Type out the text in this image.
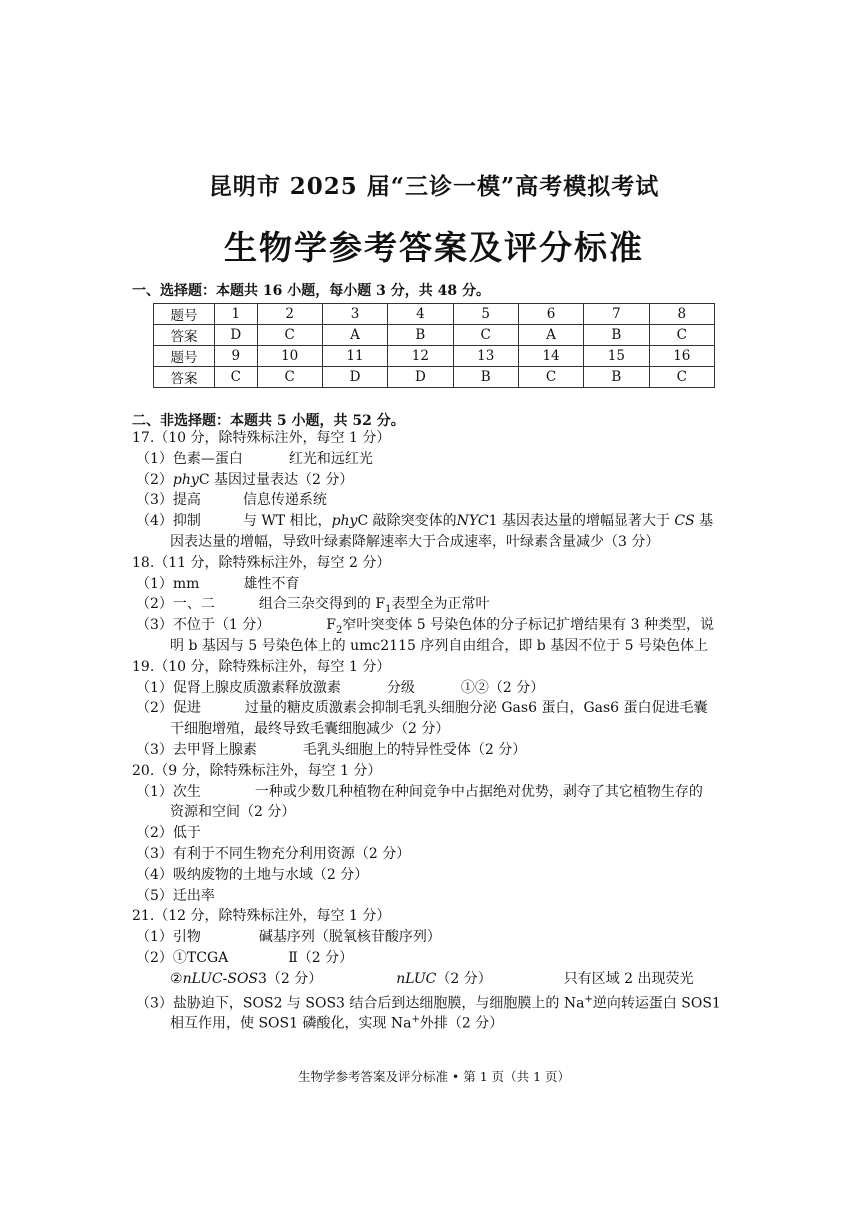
昆明市 2025 届“三诊一模”高考模拟考试
生物学参考答案及评分标准
一、选择题：本题共 16 小题，每小题 3 分，共 48 分。
题号	1	2	3	4	5	6	7	8
答案	D	C	A	B	C	A	B	C
题号	9	10	11	12	13	14	15	16
答案	C	C	D	D	B	C	B	C
二、非选择题：本题共 5 小题，共 52 分。
17.（10 分，除特殊标注外，每空 1 分）
（1）色素—蛋白	红光和远红光
（2）phyC 基因过量表达（2 分）
（3）提高	信息传递系统
（4）抑制	与 WT 相比，phyC 敲除突变体的NYC1 基因表达量的增幅显著大于 CS 基
因表达量的增幅，导致叶绿素降解速率大于合成速率，叶绿素含量减少（3 分）
18.（11 分，除特殊标注外，每空 2 分）
（1）mm	雄性不育
（2）一、二	组合三杂交得到的 $F_1$表型全为正常叶
（3）不位于（1 分）	$F_2$窄叶突变体 5 号染色体的分子标记扩增结果有 3 种类型，说
明 b 基因与 5 号染色体上的 umc2115 序列自由组合，即 b 基因不位于 5 号染色体上
19.（10 分，除特殊标注外，每空 1 分）
（1）促肾上腺皮质激素释放激素	分级	①②（2 分）
（2）促进	过量的糖皮质激素会抑制毛乳头细胞分泌 Gas6 蛋白，Gas6 蛋白促进毛囊
干细胞增殖，最终导致毛囊细胞减少（2 分）
（3）去甲肾上腺素	毛乳头细胞上的特异性受体（2 分）
20.（9 分，除特殊标注外，每空 1 分）
（1）次生	一种或少数几种植物在种间竞争中占据绝对优势，剥夺了其它植物生存的
资源和空间（2 分）
（2）低于
（3）有利于不同生物充分利用资源（2 分）
（4）吸纳废物的土地与水域（2 分）
（5）迁出率
21.（12 分，除特殊标注外，每空 1 分）
（1）引物	碱基序列（脱氧核苷酸序列）
（2）①TCGA	Ⅱ（2 分）
②nLUC-SOS3（2 分）	nLUC（2 分）	只有区域 2 出现荧光
（3）盐胁迫下，SOS2 与 SOS3 结合后到达细胞膜，与细胞膜上的 Na+逆向转运蛋白 SOS1
相互作用，使 SOS1 磷酸化，实现 Na+外排（2 分）
生物学参考答案及评分标准 • 第 1 页（共 1 页）
